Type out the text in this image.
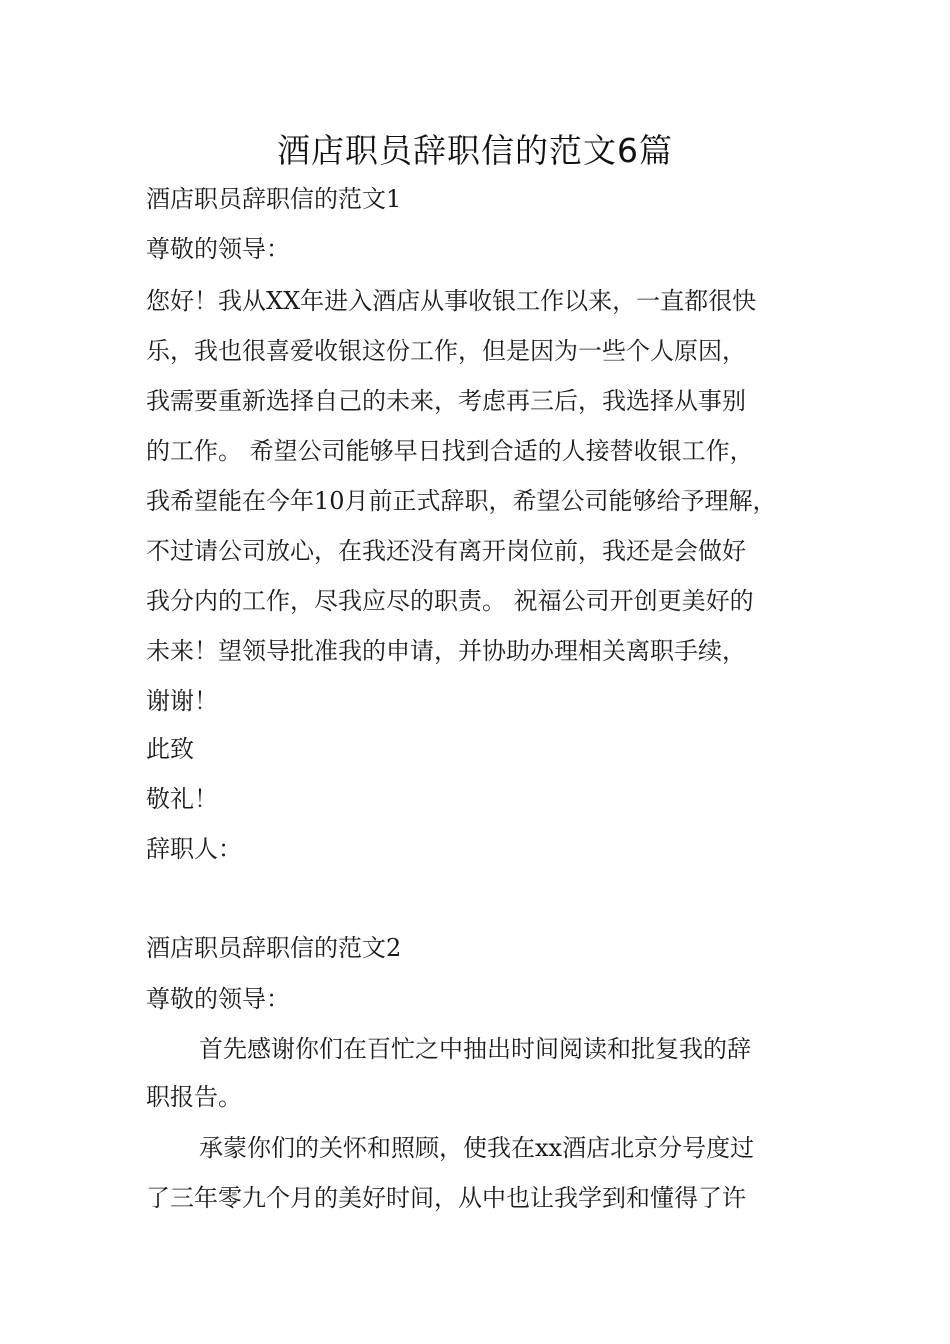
酒店职员辞职信的范文6篇
酒店职员辞职信的范文1
尊敬的领导：
您好！我从XX年进入酒店从事收银工作以来，一直都很快
乐，我也很喜爱收银这份工作，但是因为一些个人原因，
我需要重新选择自己的未来，考虑再三后，我选择从事别
的工作。 希望公司能够早日找到合适的人接替收银工作，
我希望能在今年10月前正式辞职，希望公司能够给予理解，
不过请公司放心，在我还没有离开岗位前，我还是会做好
我分内的工作，尽我应尽的职责。 祝福公司开创更美好的
未来！望领导批准我的申请，并协助办理相关离职手续，
谢谢！
此致
敬礼！
辞职人：
酒店职员辞职信的范文2
尊敬的领导：
首先感谢你们在百忙之中抽出时间阅读和批复我的辞
职报告。
承蒙你们的关怀和照顾，使我在xx酒店北京分号度过
了三年零九个月的美好时间，从中也让我学到和懂得了许
